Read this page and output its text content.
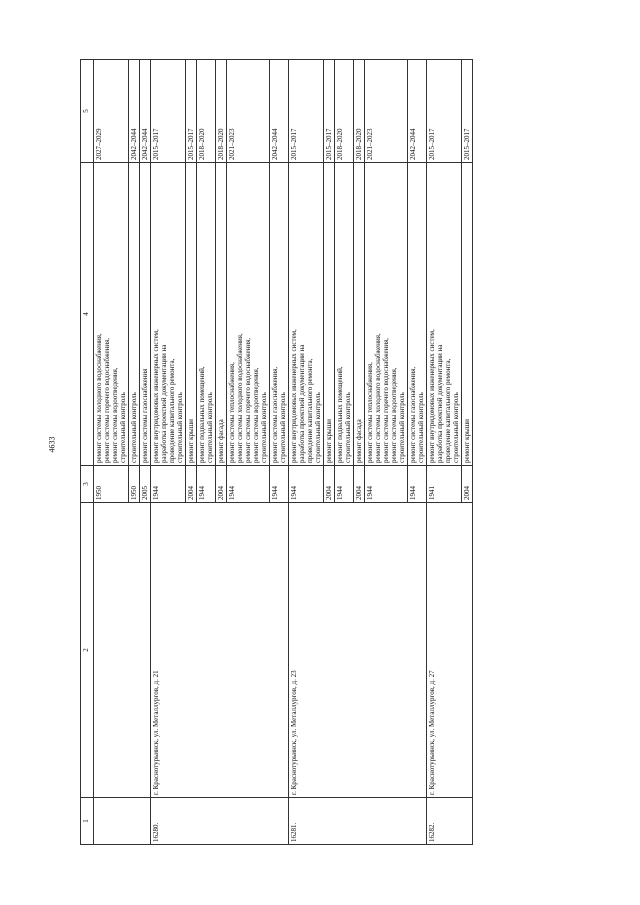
4633
1	2	3	4	5
		1950	ремонт системы холодного водоснабжения, ремонт системы горячего водоснабжения, ремонт системы водоотведения, строительный контроль	2027–2029
		1950	строительный контроль	2042–2044
		2005	ремонт системы газоснабжения	2042–2044
16280.	г. Краснотурьинск, ул. Металлургов, д. 21	1944	ремонт внутридомовых инженерных систем, разработка проектной документации на проведение капитального ремонта, строительный контроль	2015–2017
		2004	ремонт крыши	2015–2017
		1944	ремонт подвальных помещений, строительный контроль	2018–2020
		2004	ремонт фасада	2018–2020
		1944	ремонт системы теплоснабжения, ремонт системы холодного водоснабжения, ремонт системы горячего водоснабжения, ремонт системы водоотведения, строительный контроль	2021–2023
		1944	ремонт системы газоснабжения, строительный контроль	2042–2044
16281.	г. Краснотурьинск, ул. Металлургов, д. 23	1944	ремонт внутридомовых инженерных систем, разработка проектной документации на проведение капитального ремонта, строительный контроль	2015–2017
		2004	ремонт крыши	2015–2017
		1944	ремонт подвальных помещений, строительный контроль	2018–2020
		2004	ремонт фасада	2018–2020
		1944	ремонт системы теплоснабжения, ремонт системы холодного водоснабжения, ремонт системы горячего водоснабжения, ремонт системы водоотведения, строительный контроль	2021–2023
		1944	ремонт системы газоснабжения, строительный контроль	2042–2044
16282.	г. Краснотурьинск, ул. Металлургов, д. 27	1941	ремонт внутридомовых инженерных систем, разработка проектной документации на проведение капитального ремонта, строительный контроль	2015–2017
		2004	ремонт крыши	2015–2017
